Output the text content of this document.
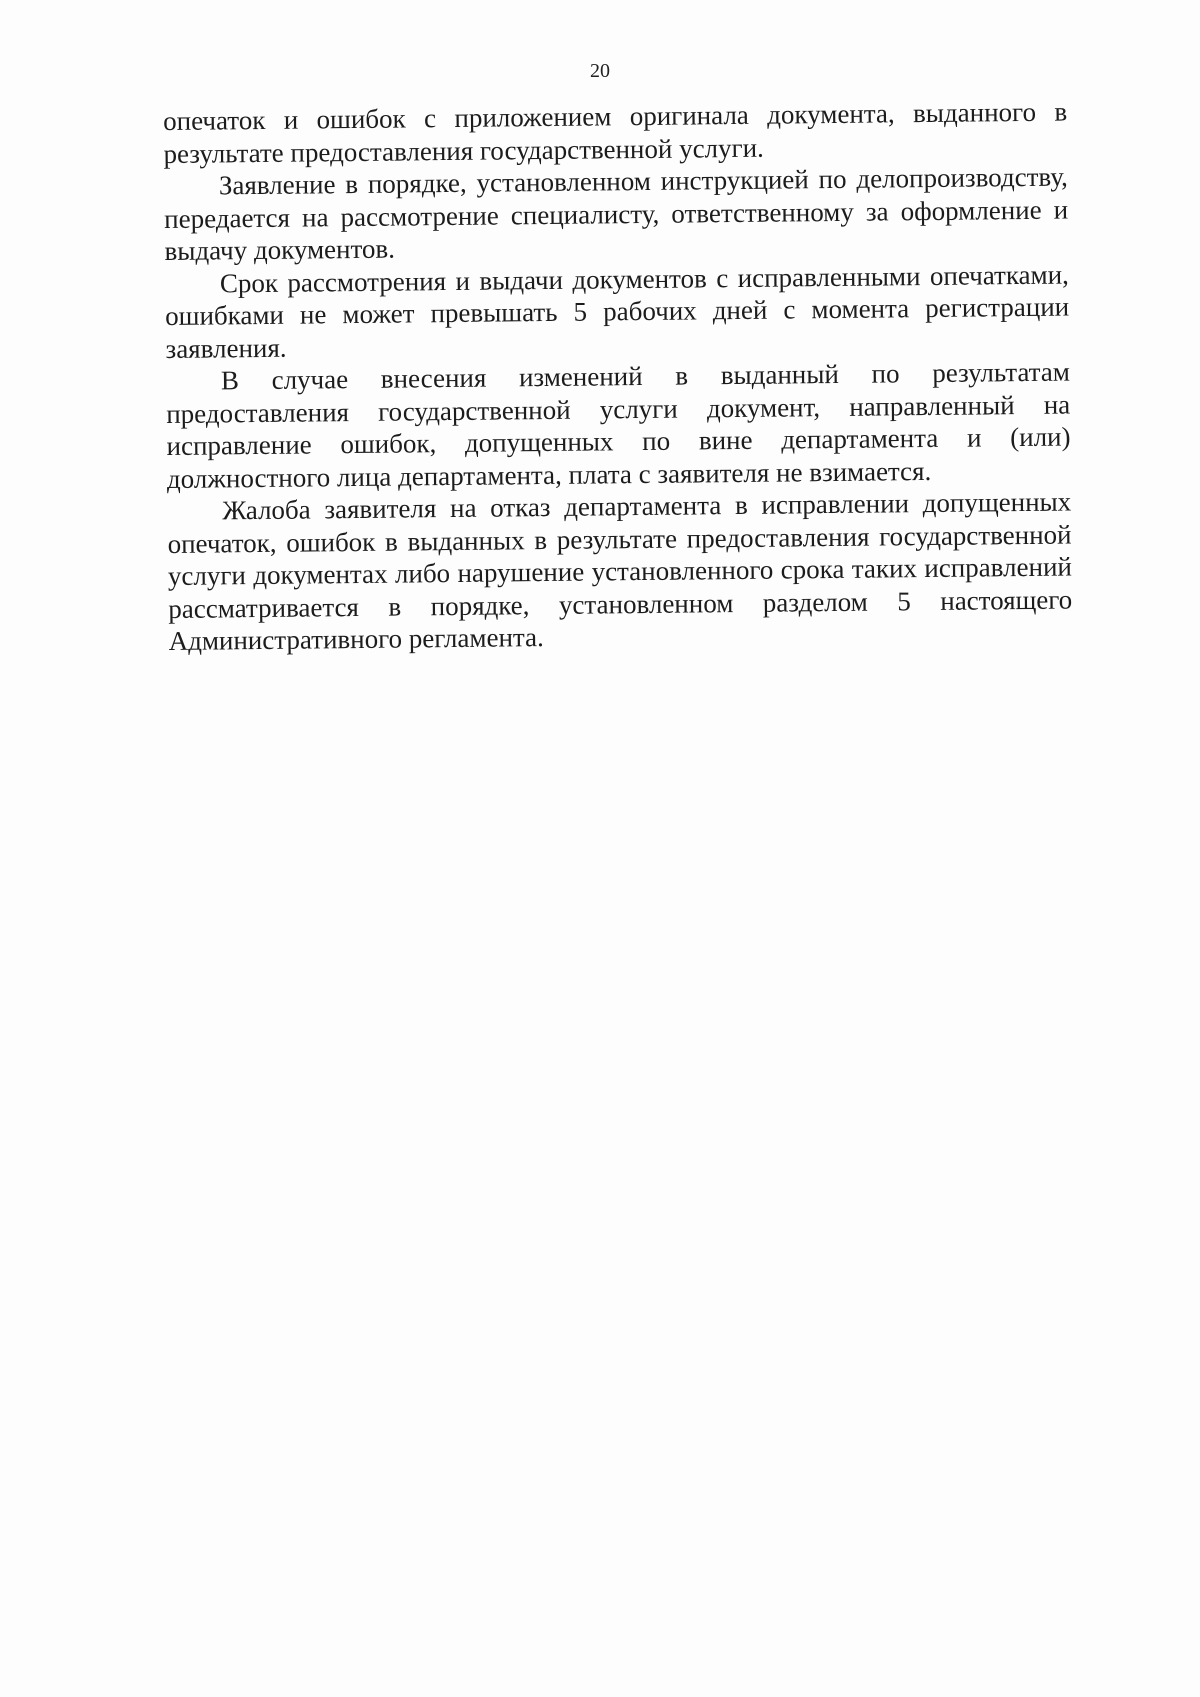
20

опечаток и ошибок с приложением оригинала документа, выданного в результате предоставления государственной услуги.

Заявление в порядке, установленном инструкцией по делопроизводству, передается на рассмотрение специалисту, ответственному за оформление и выдачу документов.

Срок рассмотрения и выдачи документов с исправленными опечатками, ошибками не может превышать 5 рабочих дней с момента регистрации заявления.

В случае внесения изменений в выданный по результатам предоставления государственной услуги документ, направленный на исправление ошибок, допущенных по вине департамента и (или) должностного лица департамента, плата с заявителя не взимается.

Жалоба заявителя на отказ департамента в исправлении допущенных опечаток, ошибок в выданных в результате предоставления государственной услуги документах либо нарушение установленного срока таких исправлений рассматривается в порядке, установленном разделом 5 настоящего Административного регламента.
